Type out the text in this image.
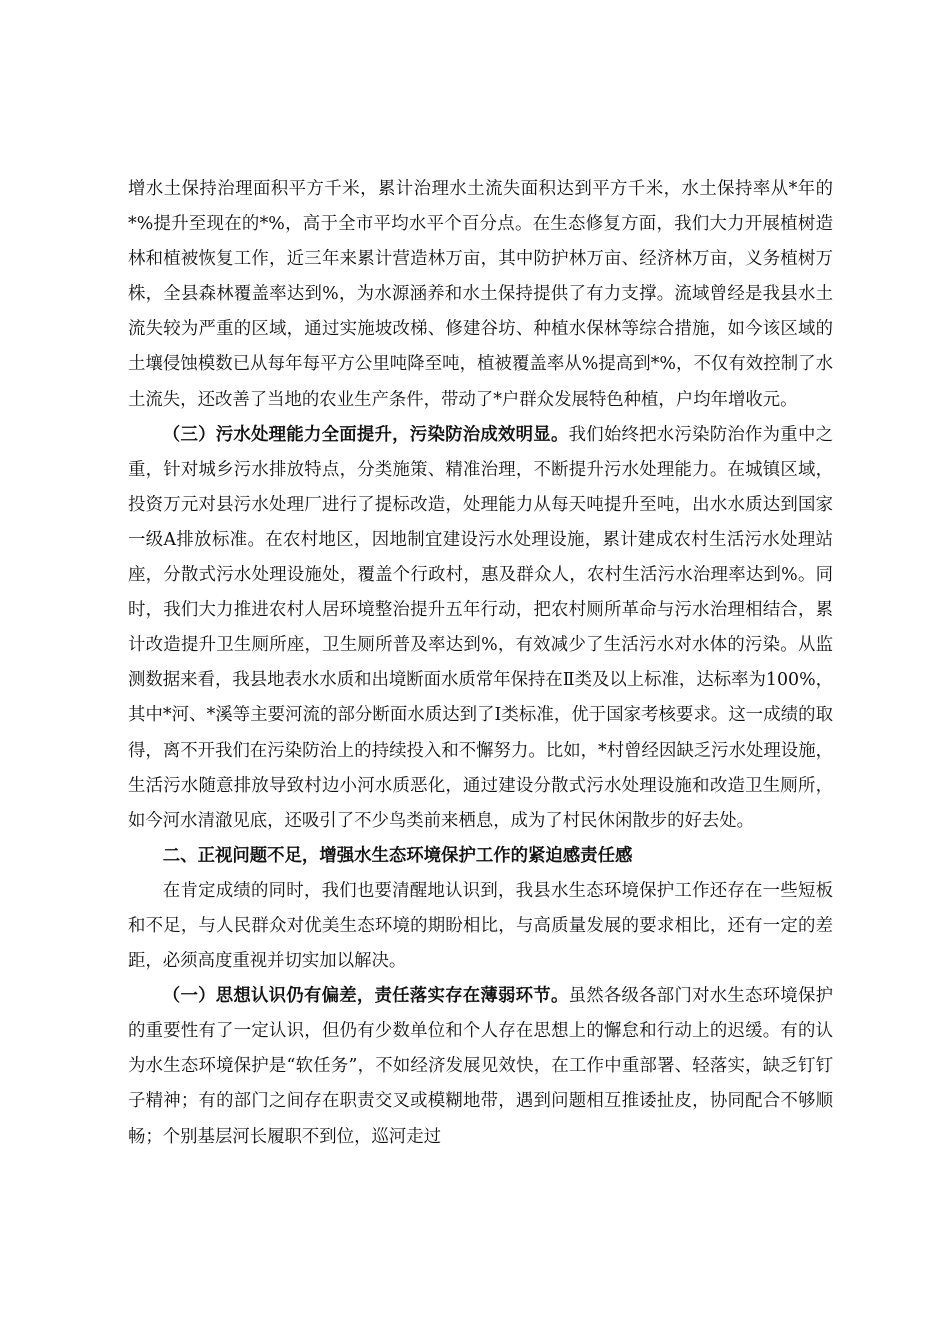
增水土保持治理面积平方千米，累计治理水土流失面积达到平方千米，水土保持率从*年的*%提升至现在的*%，高于全市平均水平个百分点。在生态修复方面，我们大力开展植树造林和植被恢复工作，近三年来累计营造林万亩，其中防护林万亩、经济林万亩，义务植树万株，全县森林覆盖率达到%，为水源涵养和水土保持提供了有力支撑。流域曾经是我县水土流失较为严重的区域，通过实施坡改梯、修建谷坊、种植水保林等综合措施，如今该区域的土壤侵蚀模数已从每年每平方公里吨降至吨，植被覆盖率从%提高到*%，不仅有效控制了水土流失，还改善了当地的农业生产条件，带动了*户群众发展特色种植，户均年增收元。

（三）污水处理能力全面提升，污染防治成效明显。我们始终把水污染防治作为重中之重，针对城乡污水排放特点，分类施策、精准治理，不断提升污水处理能力。在城镇区域，投资万元对县污水处理厂进行了提标改造，处理能力从每天吨提升至吨，出水水质达到国家一级A排放标准。在农村地区，因地制宜建设污水处理设施，累计建成农村生活污水处理站座，分散式污水处理设施处，覆盖个行政村，惠及群众人，农村生活污水治理率达到%。同时，我们大力推进农村人居环境整治提升五年行动，把农村厕所革命与污水治理相结合，累计改造提升卫生厕所座，卫生厕所普及率达到%，有效减少了生活污水对水体的污染。从监测数据来看，我县地表水水质和出境断面水质常年保持在Ⅱ类及以上标准，达标率为100%，其中*河、*溪等主要河流的部分断面水质达到了Ⅰ类标准，优于国家考核要求。这一成绩的取得，离不开我们在污染防治上的持续投入和不懈努力。比如，*村曾经因缺乏污水处理设施，生活污水随意排放导致村边小河水质恶化，通过建设分散式污水处理设施和改造卫生厕所，如今河水清澈见底，还吸引了不少鸟类前来栖息，成为了村民休闲散步的好去处。

二、正视问题不足，增强水生态环境保护工作的紧迫感责任感

在肯定成绩的同时，我们也要清醒地认识到，我县水生态环境保护工作还存在一些短板和不足，与人民群众对优美生态环境的期盼相比，与高质量发展的要求相比，还有一定的差距，必须高度重视并切实加以解决。

（一）思想认识仍有偏差，责任落实存在薄弱环节。虽然各级各部门对水生态环境保护的重要性有了一定认识，但仍有少数单位和个人存在思想上的懈怠和行动上的迟缓。有的认为水生态环境保护是“软任务”，不如经济发展见效快，在工作中重部署、轻落实，缺乏钉钉子精神；有的部门之间存在职责交叉或模糊地带，遇到问题相互推诿扯皮，协同配合不够顺畅；个别基层河长履职不到位，巡河走过
